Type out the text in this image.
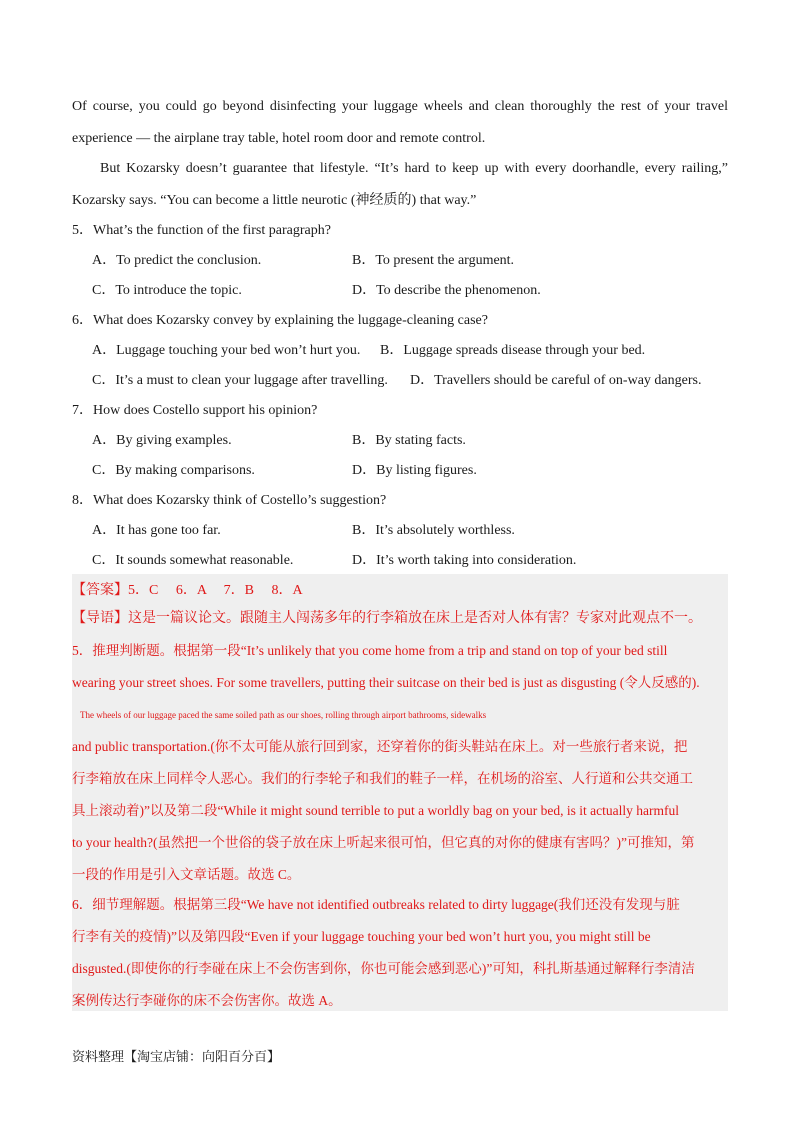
Of course, you could go beyond disinfecting your luggage wheels and clean thoroughly the rest of your travel
experience — the airplane tray table, hotel room door and remote control.
But Kozarsky doesn’t guarantee that lifestyle. “It’s hard to keep up with every doorhandle, every railing,”
Kozarsky says. “You can become a little neurotic (神经质的) that way.”
5．What’s the function of the first paragraph?
A．To predict the conclusion.	B．To present the argument.
C．To introduce the topic.	D．To describe the phenomenon.
6．What does Kozarsky convey by explaining the luggage-cleaning case?
A．Luggage touching your bed won’t hurt you. B．Luggage spreads disease through your bed.
C．It’s a must to clean your luggage after travelling. D．Travellers should be careful of on-way dangers.
7．How does Costello support his opinion?
A．By giving examples.	B．By stating facts.
C．By making comparisons.	D．By listing figures.
8．What does Kozarsky think of Costello’s suggestion?
A．It has gone too far.	B．It’s absolutely worthless.
C．It sounds somewhat reasonable.	D．It’s worth taking into consideration.
【答案】5．C　 6．A　 7．B　 8．A
【导语】这是一篇议论文。跟随主人闯荡多年的行李箱放在床上是否对人体有害？专家对此观点不一。
5．推理判断题。根据第一段“It’s unlikely that you come home from a trip and stand on top of your bed still
wearing your street shoes. For some travellers, putting their suitcase on their bed is just as disgusting (令人反感的).
The wheels of our luggage paced the same soiled path as our shoes, rolling through airport bathrooms, sidewalks
and public transportation.(你不太可能从旅行回到家，还穿着你的街头鞋站在床上。对一些旅行者来说，把
行李箱放在床上同样令人恶心。我们的行李轮子和我们的鞋子一样，在机场的浴室、人行道和公共交通工
具上滚动着)”以及第二段“While it might sound terrible to put a worldly bag on your bed, is it actually harmful
to your health?(虽然把一个世俗的袋子放在床上听起来很可怕，但它真的对你的健康有害吗？)”可推知，第
一段的作用是引入文章话题。故选 C。
6．细节理解题。根据第三段“We have not identified outbreaks related to dirty luggage(我们还没有发现与脏
行李有关的疫情)”以及第四段“Even if your luggage touching your bed won’t hurt you, you might still be
disgusted.(即使你的行李碰在床上不会伤害到你，你也可能会感到恶心)”可知，科扎斯基通过解释行李清洁
案例传达行李碰你的床不会伤害你。故选 A。
资料整理【淘宝店铺：向阳百分百】
